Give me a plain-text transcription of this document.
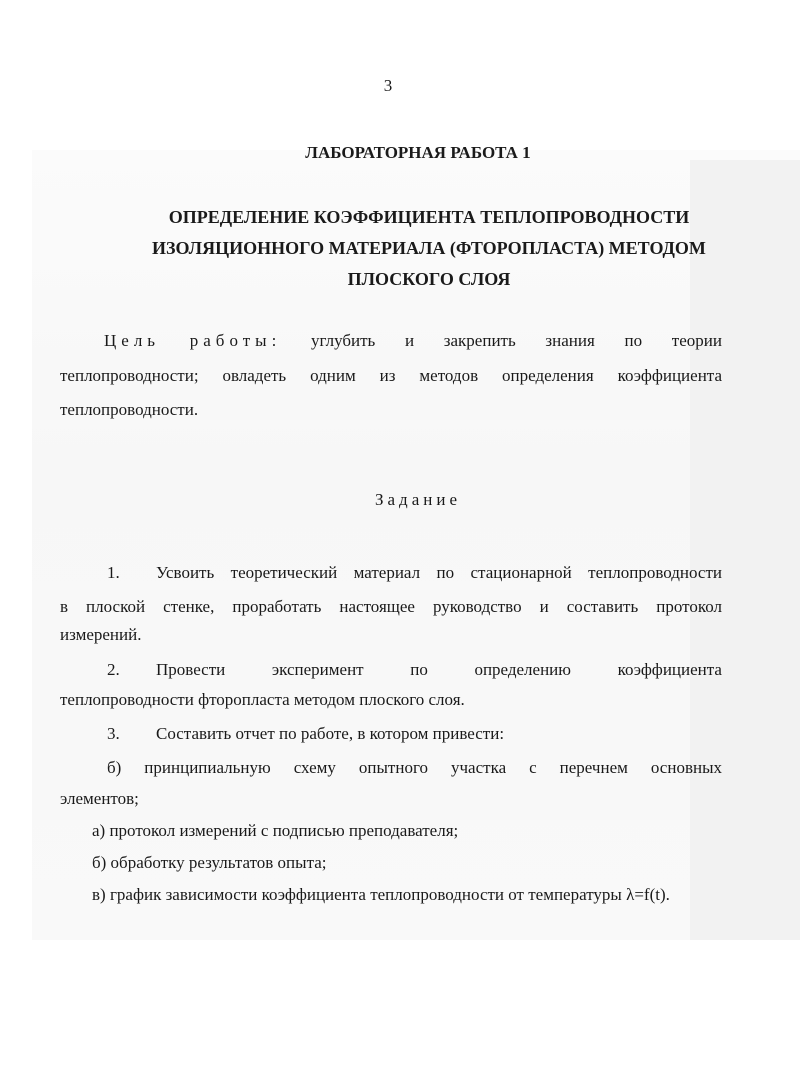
3
ЛАБОРАТОРНАЯ РАБОТА 1
ОПРЕДЕЛЕНИЕ КОЭФФИЦИЕНТА ТЕПЛОПРОВОДНОСТИ
ИЗОЛЯЦИОННОГО МАТЕРИАЛА (ФТОРОПЛАСТА) МЕТОДОМ
ПЛОСКОГО СЛОЯ
Цель работы: углубить и закрепить знания по теории
теплопроводности; овладеть одним из методов определения коэффициента
теплопроводности.
Задание
1. Усвоить теоретический материал по стационарной теплопроводности
в плоской стенке, проработать настоящее руководство и составить протокол
измерений.
2. Провести	эксперимент	по	определению	коэффициента
теплопроводности фторопласта методом плоского слоя.
3. Составить отчет по работе, в котором привести:
б) принципиальную схему опытного участка с перечнем основных
элементов;
а) протокол измерений с подписью преподавателя;
б) обработку результатов опыта;
в) график зависимости коэффициента теплопроводности от температуры λ=f(t).
